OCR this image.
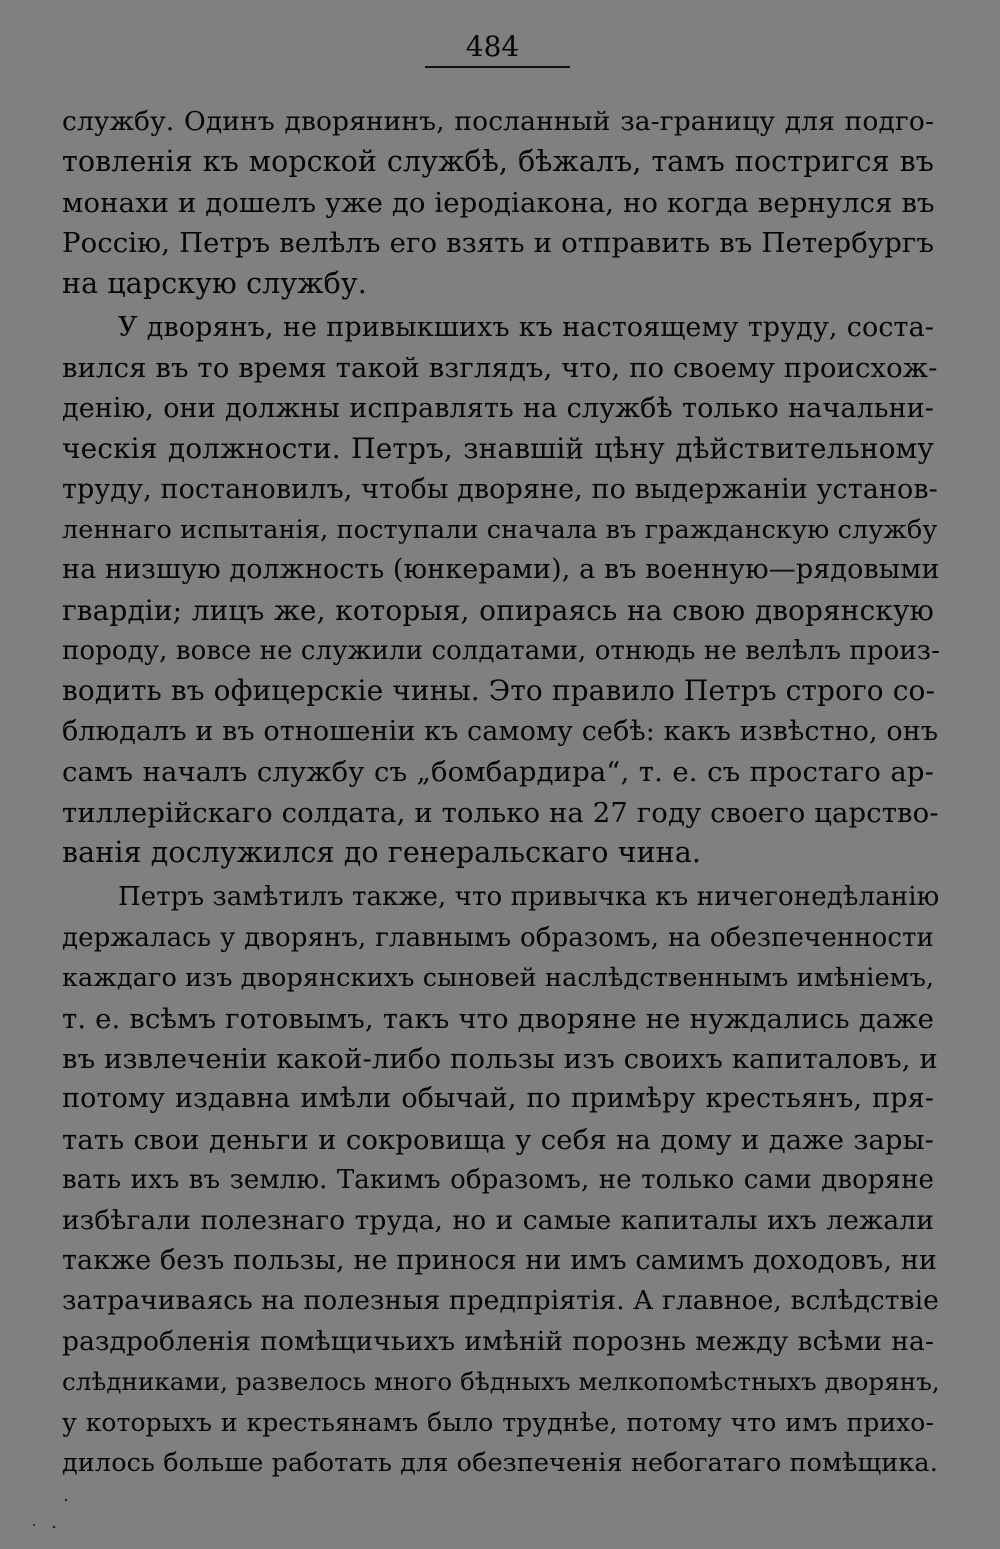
484
службу. Одинъ дворянинъ, посланный за-границу для подго-
товленія къ морской службѣ, бѣжалъ, тамъ постригся въ
монахи и дошелъ уже до іеродіакона, но когда вернулся въ
Россію, Петръ велѣлъ его взять и отправить въ Петербургъ
на царскую службу.
У дворянъ, не привыкшихъ къ настоящему труду, соста-
вился въ то время такой взглядъ, что, по своему происхож-
денію, они должны исправлять на службѣ только начальни-
ческія должности. Петръ, знавшій цѣну дѣйствительному
труду, постановилъ, чтобы дворяне, по выдержаніи установ-
леннаго испытанія, поступали сначала въ гражданскую службу
на низшую должность (юнкерами), а въ военную—рядовыми
гвардіи; лицъ же, которыя, опираясь на свою дворянскую
породу, вовсе не служили солдатами, отнюдь не велѣлъ произ-
водить въ офицерскіе чины. Это правило Петръ строго со-
блюдалъ и въ отношеніи къ самому себѣ: какъ извѣстно, онъ
самъ началъ службу съ „бомбардира“, т. е. съ простаго ар-
тиллерійскаго солдата, и только на 27 году своего царство-
ванія дослужился до генеральскаго чина.
Петръ замѣтилъ также, что привычка къ ничегонедѣланію
держалась у дворянъ, главнымъ образомъ, на обезпеченности
каждаго изъ дворянскихъ сыновей наслѣдственнымъ имѣніемъ,
т. е. всѣмъ готовымъ, такъ что дворяне не нуждались даже
въ извлеченіи какой-либо пользы изъ своихъ капиталовъ, и
потому издавна имѣли обычай, по примѣру крестьянъ, пря-
тать свои деньги и сокровища у себя на дому и даже зары-
вать ихъ въ землю. Такимъ образомъ, не только сами дворяне
избѣгали полезнаго труда, но и самые капиталы ихъ лежали
также безъ пользы, не принося ни имъ самимъ доходовъ, ни
затрачиваясь на полезныя предпріятія. А главное, вслѣдствіе
раздробленія помѣщичьихъ имѣній порознь между всѣми на-
слѣдниками, развелось много бѣдныхъ мелкопомѣстныхъ дворянъ,
у которыхъ и крестьянамъ было труднѣе, потому что имъ прихо-
дилось больше работать для обезпеченія небогатаго помѣщика.
